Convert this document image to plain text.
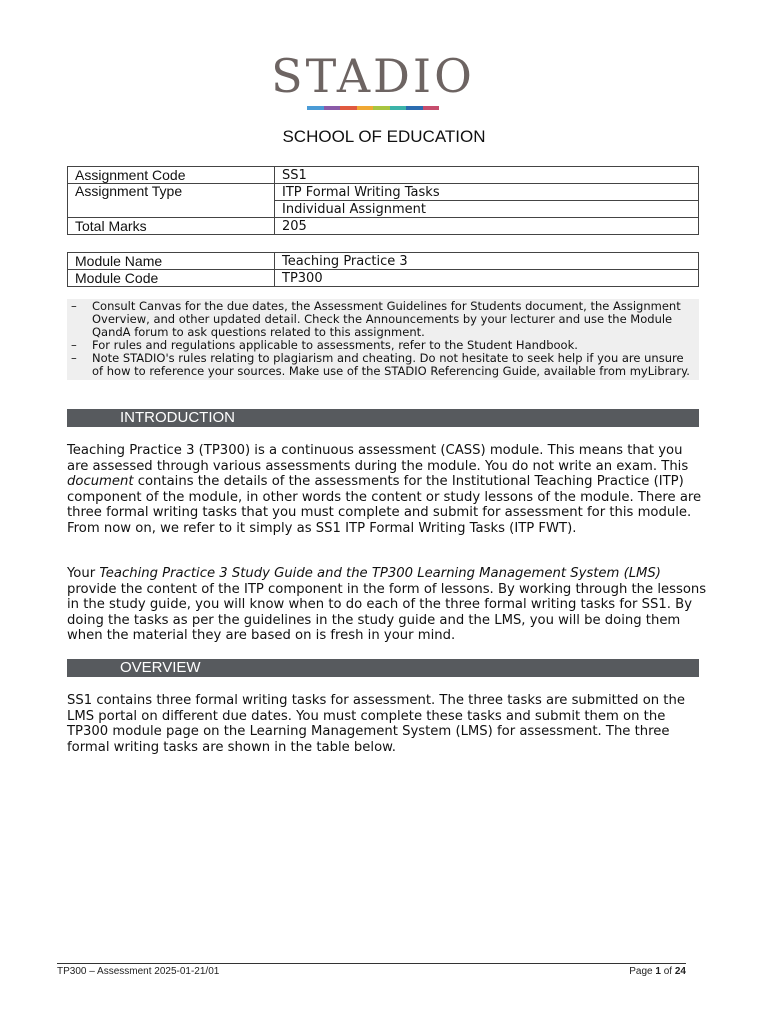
STADIO
SCHOOL OF EDUCATION
Assignment Code	SS1
Assignment Type	ITP Formal Writing Tasks
	Individual Assignment
Total Marks	205
Module Name	Teaching Practice 3
Module Code	TP300
– Consult Canvas for the due dates, the Assessment Guidelines for Students document, the Assignment Overview, and other updated detail. Check the Announcements by your lecturer and use the Module QandA forum to ask questions related to this assignment.
– For rules and regulations applicable to assessments, refer to the Student Handbook.
– Note STADIO's rules relating to plagiarism and cheating. Do not hesitate to seek help if you are unsure of how to reference your sources. Make use of the STADIO Referencing Guide, available from myLibrary.
INTRODUCTION
Teaching Practice 3 (TP300) is a continuous assessment (CASS) module. This means that you are assessed through various assessments during the module. You do not write an exam. This document contains the details of the assessments for the Institutional Teaching Practice (ITP) component of the module, in other words the content or study lessons of the module. There are three formal writing tasks that you must complete and submit for assessment for this module. From now on, we refer to it simply as SS1 ITP Formal Writing Tasks (ITP FWT).
Your Teaching Practice 3 Study Guide and the TP300 Learning Management System (LMS) provide the content of the ITP component in the form of lessons. By working through the lessons in the study guide, you will know when to do each of the three formal writing tasks for SS1. By doing the tasks as per the guidelines in the study guide and the LMS, you will be doing them when the material they are based on is fresh in your mind.
OVERVIEW
SS1 contains three formal writing tasks for assessment. The three tasks are submitted on the LMS portal on different due dates. You must complete these tasks and submit them on the TP300 module page on the Learning Management System (LMS) for assessment. The three formal writing tasks are shown in the table below.
TP300 – Assessment 2025-01-21/01	Page 1 of 24
